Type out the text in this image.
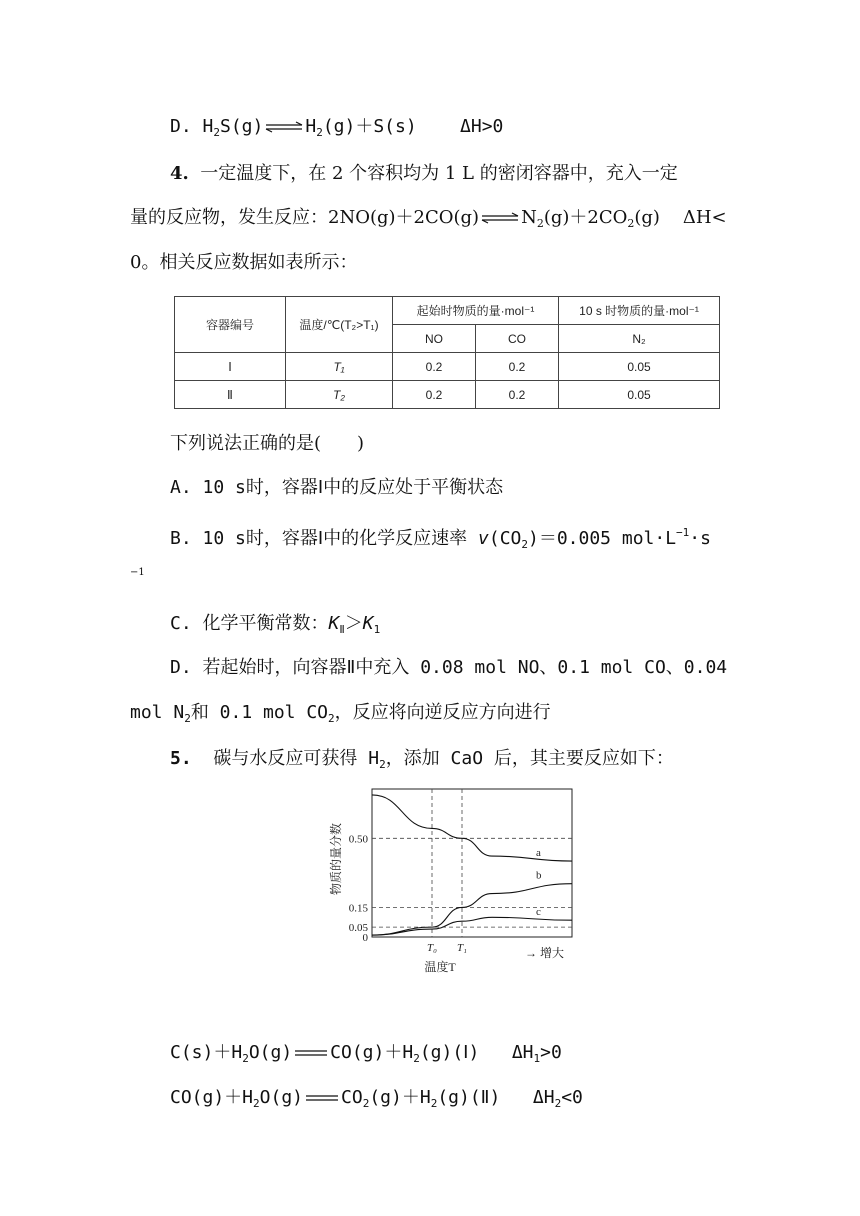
D. $H_2S(g)$ ⇌ $H_2(g)+S(s)$ ΔH>0
4. 一定温度下，在 2 个容积均为 1 L 的密闭容器中，充入一定
量的反应物，发生反应：2NO(g)＋2CO(g) ⇌ $N_2(g)+2CO_2(g)$ ΔH<
0。相关反应数据如表所示：
容器编号	温度/℃(T₂>T₁)	起始时物质的量·mol⁻¹		10 s 时物质的量·mol⁻¹
		NO	CO	N₂
Ⅰ	T₁	0.2	0.2	0.05
Ⅱ	T₂	0.2	0.2	0.05
下列说法正确的是(　　)
A. 10 s时，容器Ⅰ中的反应处于平衡状态
B. 10 s时，容器Ⅰ中的化学反应速率 $v(CO_2)=0.005$ $mol\cdot L^{-1}\cdot s$
−1
C. 化学平衡常数：$K_Ⅱ>K_1$
D. 若起始时，向容器Ⅱ中充入 0.08 mol NO、0.1 mol CO、0.04
mol $N_2$和 0.1 mol $CO_2$，反应将向逆反应方向进行
5. 碳与水反应可获得 $H_2$，添加 CaO 后，其主要反应如下：
物质的量分数 0.50
0.15
0.05
0
T₀ T₁
a
b
c
温度T
→ 增大
$C(s)+H_2O(g)$ $CO(g)+H_2(g)(Ⅰ)$ $\Delta H_1>0$
$CO(g)+H_2O(g)$ $CO_2(g)+H_2(g)(Ⅱ)$ $\Delta H_2<0$
